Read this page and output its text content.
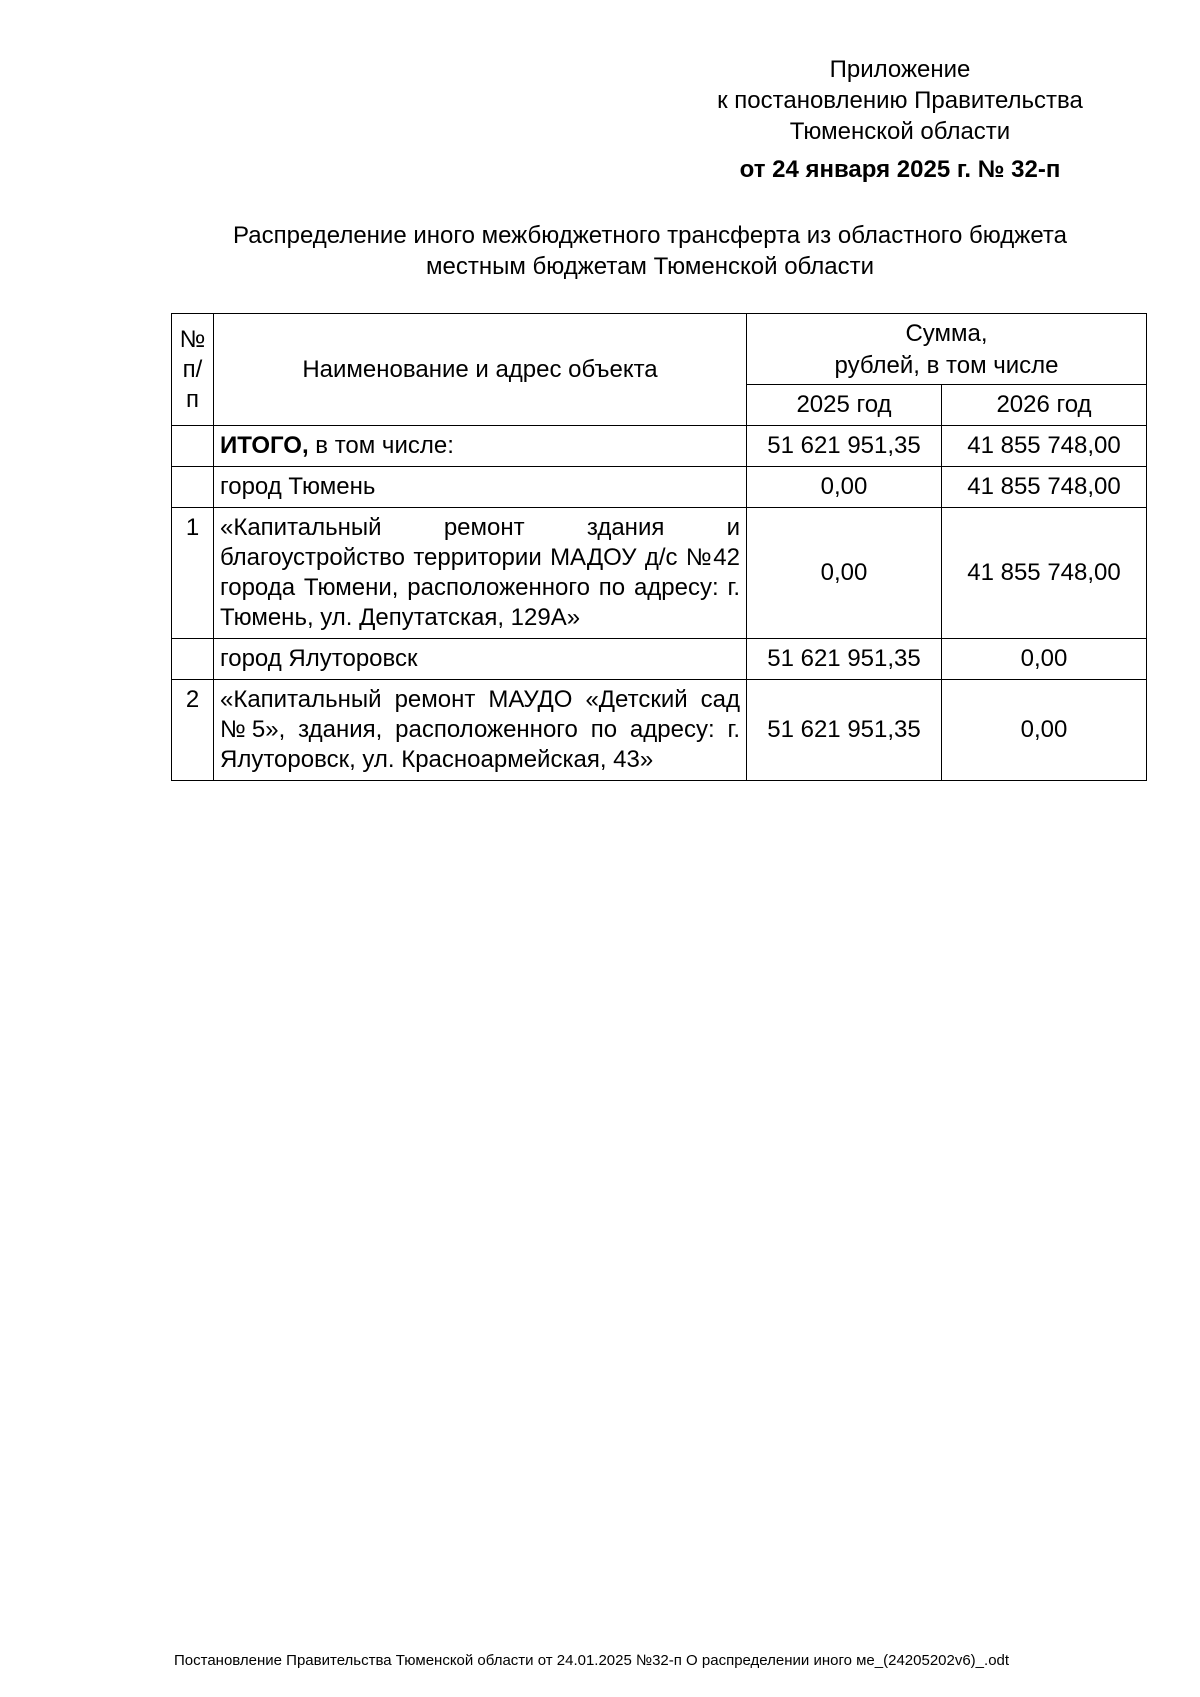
Приложение
к постановлению Правительства
Тюменской области
от 24 января 2025 г. № 32-п
Распределение иного межбюджетного трансферта из областного бюджета
местным бюджетам Тюменской области
№ п/п	Наименование и адрес объекта	Сумма,
рублей, в том числе	

		2025 год	2026 год
	ИТОГО, в том числе:	51 621 951,35	41 855 748,00
	город Тюмень	0,00	41 855 748,00
1	«Капитальный ремонт здания и благоустройство территории МАДОУ д/с №42 города Тюмени, расположенного по адресу: г. Тюмень, ул. Депутатская, 129А»	0,00	41 855 748,00
	город Ялуторовск	51 621 951,35	0,00
2	«Капитальный ремонт МАУДО «Детский сад №5», здания, расположенного по адресу: г. Ялуторовск, ул. Красноармейская, 43»	51 621 951,35	0,00
Постановление Правительства Тюменской области от 24.01.2025 №32-п О распределении иного ме_(24205202v6)_.odt
